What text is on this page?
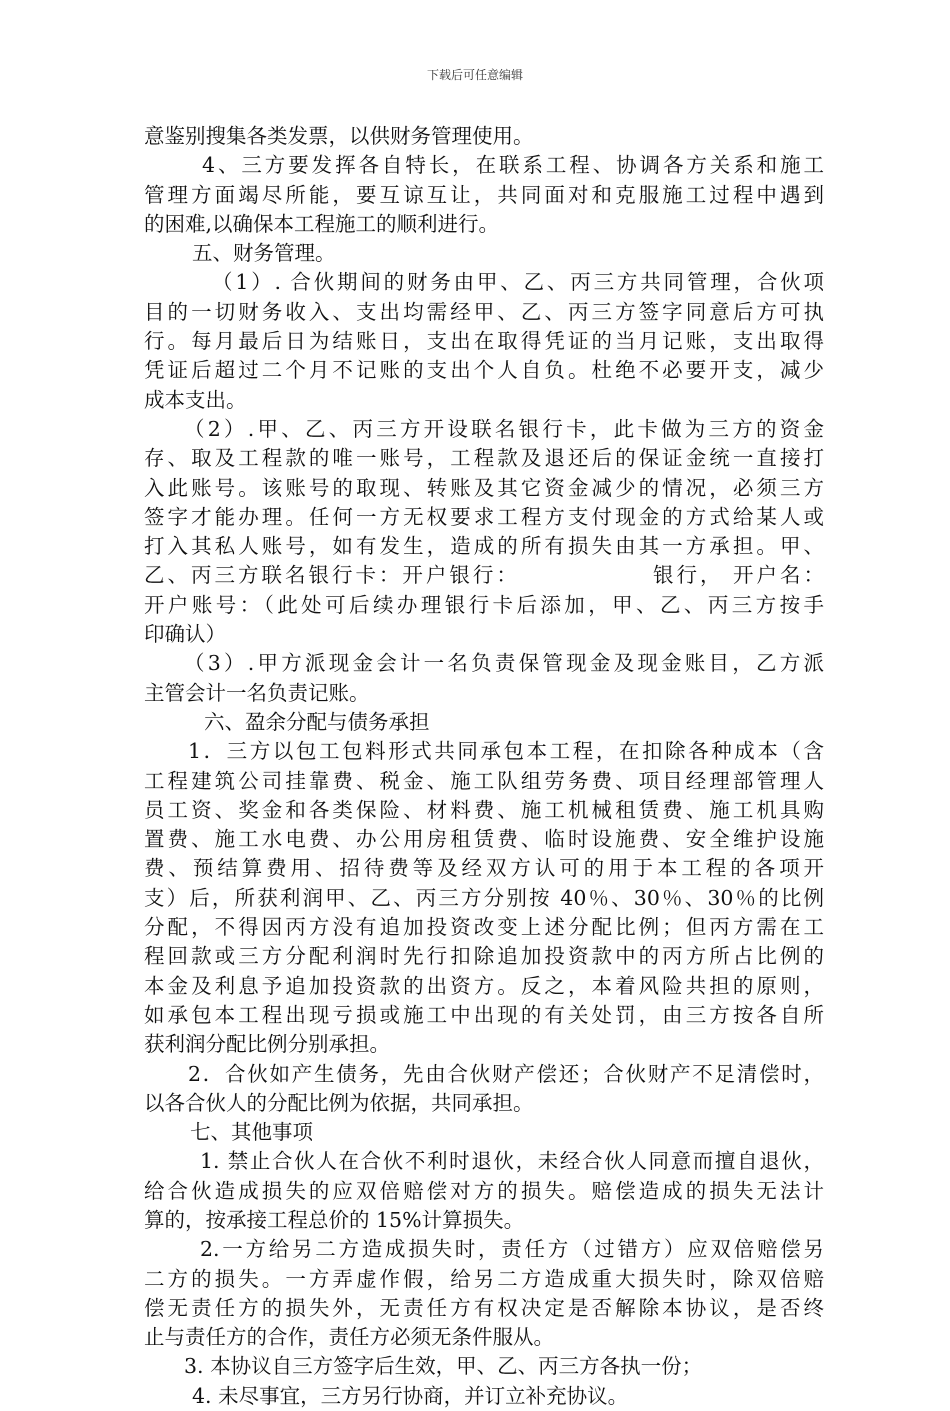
下载后可任意编辑
意鉴别搜集各类发票，以供财务管理使用。
4、三方要发挥各自特长，在联系工程、协调各方关系和施工
管理方面竭尽所能，要互谅互让，共同面对和克服施工过程中遇到
的困难,以确保本工程施工的顺利进行。
五、财务管理。
（1）. 合伙期间的财务由甲、乙、丙三方共同管理，合伙项
目的一切财务收入、支出均需经甲、乙、丙三方签字同意后方可执
行。每月最后日为结账日，支出在取得凭证的当月记账，支出取得
凭证后超过二个月不记账的支出个人自负。杜绝不必要开支，减少
成本支出。
（2）.甲、乙、丙三方开设联名银行卡，此卡做为三方的资金
存、取及工程款的唯一账号，工程款及退还后的保证金统一直接打
入此账号。该账号的取现、转账及其它资金减少的情况，必须三方
签字才能办理。任何一方无权要求工程方支付现金的方式给某人或
打入其私人账号，如有发生，造成的所有损失由其一方承担。甲、
乙、丙三方联名银行卡：开户银行：              银行， 开户名：
开户账号：（此处可后续办理银行卡后添加，甲、乙、丙三方按手
印确认）
（3）.甲方派现金会计一名负责保管现金及现金账目，乙方派
主管会计一名负责记账。
六、盈余分配与债务承担
1．三方以包工包料形式共同承包本工程，在扣除各种成本（含
工程建筑公司挂靠费、税金、施工队组劳务费、项目经理部管理人
员工资、奖金和各类保险、材料费、施工机械租赁费、施工机具购
置费、施工水电费、办公用房租赁费、临时设施费、安全维护设施
费、预结算费用、招待费等及经双方认可的用于本工程的各项开
支）后，所获利润甲、乙、丙三方分别按 40％、30％、30％的比例
分配，不得因丙方没有追加投资改变上述分配比例；但丙方需在工
程回款或三方分配利润时先行扣除追加投资款中的丙方所占比例的
本金及利息予追加投资款的出资方。反之，本着风险共担的原则，
如承包本工程出现亏损或施工中出现的有关处罚，由三方按各自所
获利润分配比例分别承担。
2．合伙如产生债务，先由合伙财产偿还；合伙财产不足清偿时，
以各合伙人的分配比例为依据，共同承担。
七、其他事项
1. 禁止合伙人在合伙不利时退伙，未经合伙人同意而擅自退伙，
给合伙造成损失的应双倍赔偿对方的损失。赔偿造成的损失无法计
算的，按承接工程总价的 15%计算损失。
2.一方给另二方造成损失时，责任方（过错方）应双倍赔偿另
二方的损失。一方弄虚作假，给另二方造成重大损失时，除双倍赔
偿无责任方的损失外，无责任方有权决定是否解除本协议，是否终
止与责任方的合作，责任方必须无条件服从。
3. 本协议自三方签字后生效，甲、乙、丙三方各执一份；
4. 未尽事宜，三方另行协商，并订立补充协议。
